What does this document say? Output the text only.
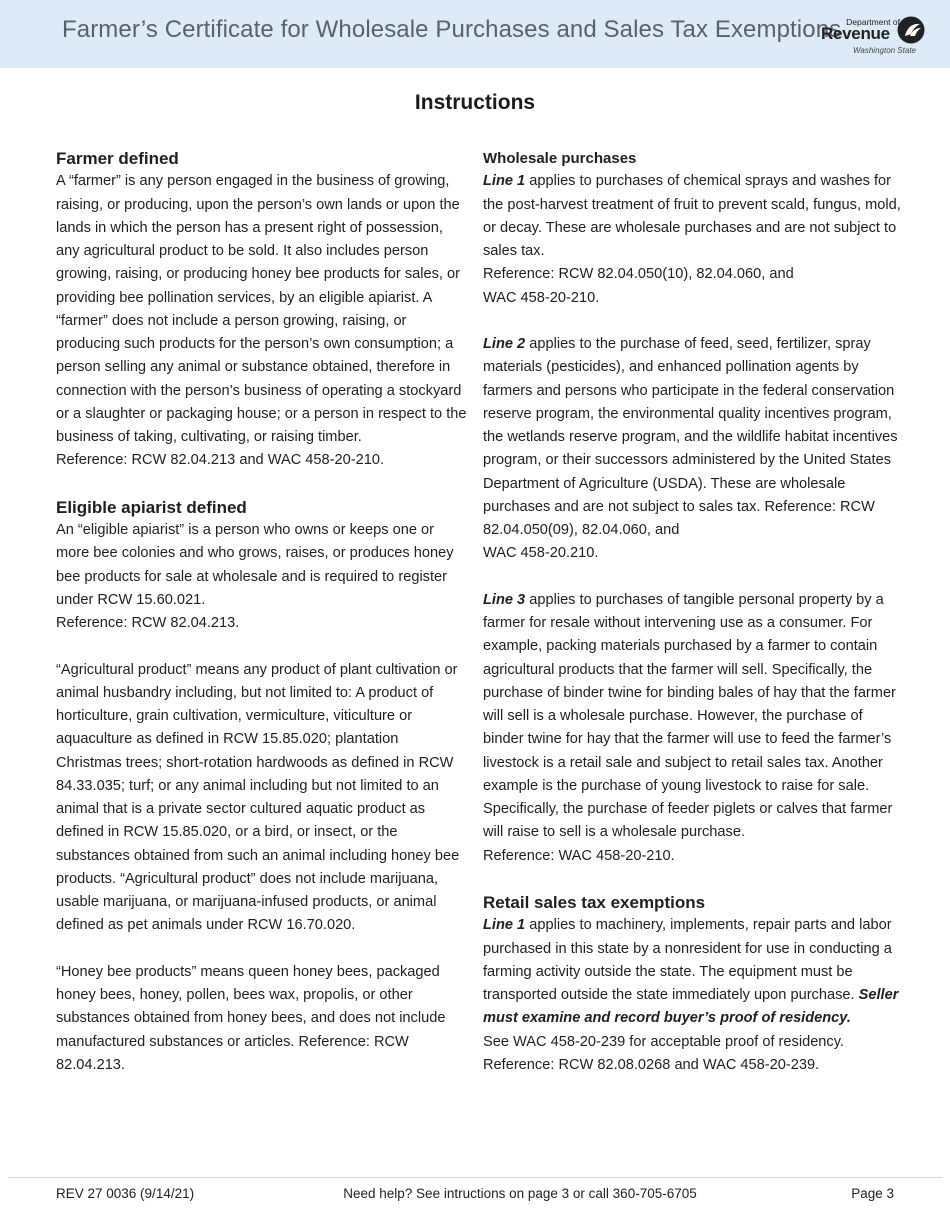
Farmer’s Certificate for Wholesale Purchases and Sales Tax Exemptions Department of
Revenue
Washington State
Instructions

Farmer defined

A “farmer” is any person engaged in the business of growing, raising, or producing, upon the person’s own lands or upon the lands in which the person has a present right of possession, any agricultural product to be sold. It also includes person growing, raising, or producing honey bee products for sales, or providing bee pollination services, by an eligible apiarist. A “farmer” does not include a person growing, raising, or producing such products for the person’s own consumption; a person selling any animal or substance obtained, therefore in connection with the person’s business of operating a stockyard or a slaughter or packaging house; or a person in respect to the business of taking, cultivating, or raising timber.

Reference: RCW 82.04.213 and WAC 458-20-210.

Eligible apiarist defined

An “eligible apiarist” is a person who owns or keeps one or more bee colonies and who grows, raises, or produces honey bee products for sale at wholesale and is required to register under RCW 15.60.021.

Reference: RCW 82.04.213.

“Agricultural product” means any product of plant cultivation or animal husbandry including, but not limited to: A product of horticulture, grain cultivation, vermiculture, viticulture or aquaculture as defined in RCW 15.85.020; plantation Christmas trees; short-rotation hardwoods as defined in RCW 84.33.035; turf; or any animal including but not limited to an animal that is a private sector cultured aquatic product as defined in RCW 15.85.020, or a bird, or insect, or the substances obtained from such an animal including honey bee products. “Agricultural product” does not include marijuana, usable marijuana, or marijuana-infused products, or animal defined as pet animals under RCW 16.70.020.

“Honey bee products” means queen honey bees, packaged honey bees, honey, pollen, bees wax, propolis, or other substances obtained from honey bees, and does not include manufactured substances or articles. Reference: RCW 82.04.213.

Wholesale purchases

Line 1 applies to purchases of chemical sprays and washes for the post-harvest treatment of fruit to prevent scald, fungus, mold, or decay. These are wholesale purchases and are not subject to sales tax.

Reference: RCW 82.04.050(10), 82.04.060, and

WAC 458-20-210.

Line 2 applies to the purchase of feed, seed, fertilizer, spray materials (pesticides), and enhanced pollination agents by farmers and persons who participate in the federal conservation reserve program, the environmental quality incentives program, the wetlands reserve program, and the wildlife habitat incentives program, or their successors administered by the United States Department of Agriculture (USDA). These are wholesale purchases and are not subject to sales tax. Reference: RCW 82.04.050(09), 82.04.060, and

WAC 458-20.210.

Line 3 applies to purchases of tangible personal property by a farmer for resale without intervening use as a consumer. For example, packing materials purchased by a farmer to contain agricultural products that the farmer will sell. Specifically, the purchase of binder twine for binding bales of hay that the farmer will sell is a wholesale purchase. However, the purchase of binder twine for hay that the farmer will use to feed the farmer’s livestock is a retail sale and subject to retail sales tax. Another example is the purchase of young livestock to raise for sale. Specifically, the purchase of feeder piglets or calves that farmer will raise to sell is a wholesale purchase.

Reference: WAC 458-20-210.

Retail sales tax exemptions

Line 1 applies to machinery, implements, repair parts and labor purchased in this state by a nonresident for use in conducting a farming activity outside the state. The equipment must be transported outside the state immediately upon purchase. Seller must examine and record buyer’s proof of residency.

See WAC 458-20-239 for acceptable proof of residency.

Reference: RCW 82.08.0268 and WAC 458-20-239.

REV 27 0036 (9/14/21)	Need help? See intructions on page 3 or call 360-705-6705	Page 3
